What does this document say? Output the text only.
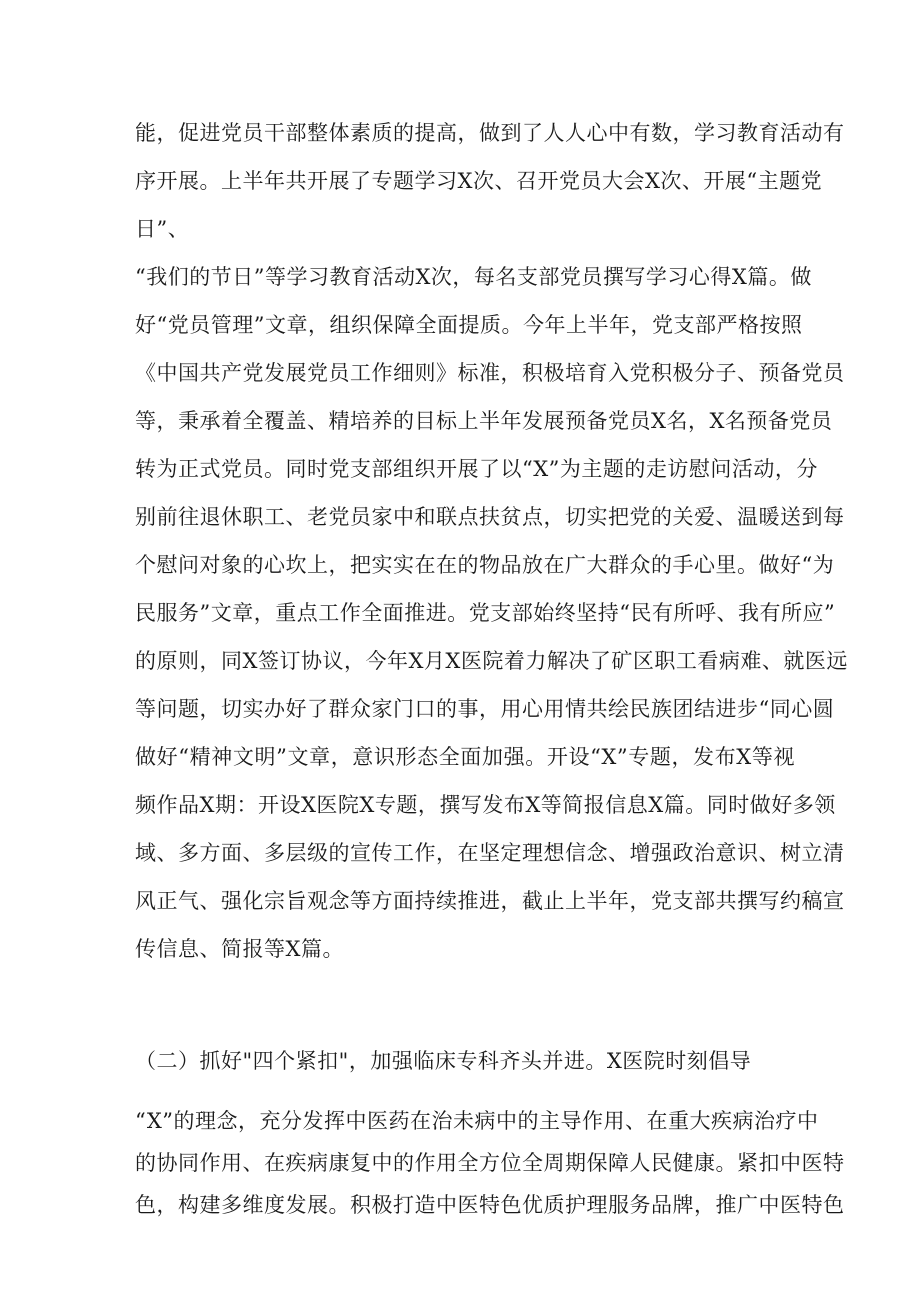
能，促进党员干部整体素质的提高，做到了人人心中有数，学习教育活动有
序开展。上半年共开展了专题学习X次、召开党员大会X次、开展“主题党
日”、
“我们的节日”等学习教育活动X次，每名支部党员撰写学习心得X篇。做
好“党员管理”文章，组织保障全面提质。今年上半年，党支部严格按照
《中国共产党发展党员工作细则》标准，积极培育入党积极分子、预备党员
等，秉承着全覆盖、精培养的目标上半年发展预备党员X名，X名预备党员
转为正式党员。同时党支部组织开展了以“X”为主题的走访慰问活动，分
别前往退休职工、老党员家中和联点扶贫点，切实把党的关爱、温暖送到每
个慰问对象的心坎上，把实实在在的物品放在广大群众的手心里。做好“为
民服务”文章，重点工作全面推进。党支部始终坚持“民有所呼、我有所应”
的原则，同X签订协议，今年X月X医院着力解决了矿区职工看病难、就医远
等问题，切实办好了群众家门口的事，用心用情共绘民族团结进步“同心圆
做好“精神文明”文章，意识形态全面加强。开设“X”专题，发布X等视
频作品X期：开设X医院X专题，撰写发布X等简报信息X篇。同时做好多领
域、多方面、多层级的宣传工作，在坚定理想信念、增强政治意识、树立清
风正气、强化宗旨观念等方面持续推进，截止上半年，党支部共撰写约稿宣
传信息、简报等X篇。
（二）抓好"四个紧扣"，加强临床专科齐头并进。X医院时刻倡导
“X”的理念，充分发挥中医药在治未病中的主导作用、在重大疾病治疗中
的协同作用、在疾病康复中的作用全方位全周期保障人民健康。紧扣中医特
色，构建多维度发展。积极打造中医特色优质护理服务品牌，推广中医特色
